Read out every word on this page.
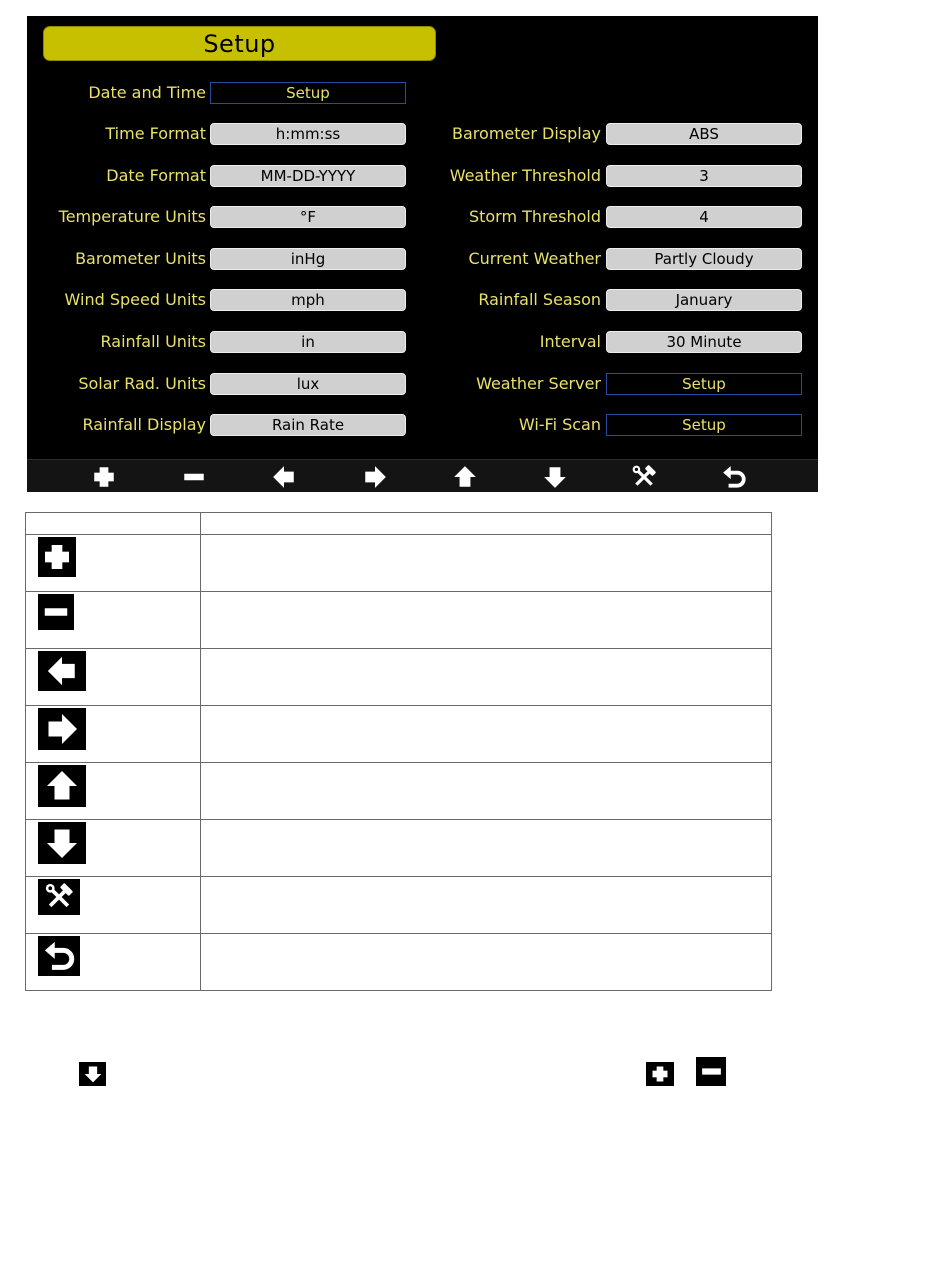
Setup
Date and Time	Setup
Time Format	h:mm:ss
Date Format	MM-DD-YYYY
Temperature Units	°F
Barometer Units	inHg
Wind Speed Units	mph
Rainfall Units	in
Solar Rad. Units	lux
Rainfall Display	Rain Rate
Barometer Display	ABS
Weather Threshold	3
Storm Threshold	4
Current Weather	Partly Cloudy
Rainfall Season	January
Interval	30 Minute
Weather Server	Setup
Wi-Fi Scan	Setup
